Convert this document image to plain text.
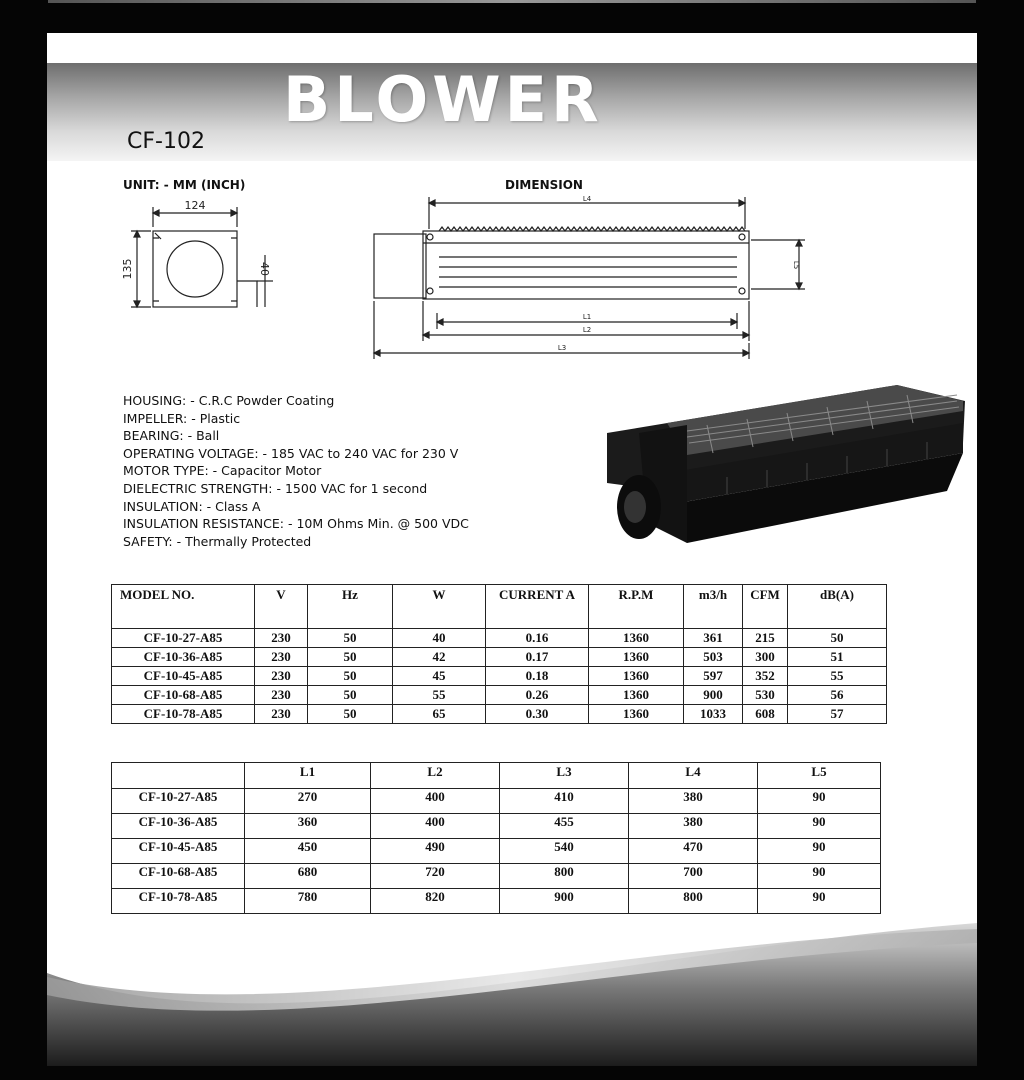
BLOWER
CF-102
UNIT: - MM (INCH)	DIMENSION
124
135	40
L4
L5
L1
L2
L3
HOUSING: - C.R.C Powder Coating
IMPELLER: - Plastic
BEARING: - Ball
OPERATING VOLTAGE: - 185 VAC to 240 VAC for 230 V
MOTOR TYPE: - Capacitor Motor
DIELECTRIC STRENGTH: - 1500 VAC for 1 second
INSULATION: - Class A
INSULATION RESISTANCE: - 10M Ohms Min. @ 500 VDC
SAFETY: - Thermally Protected
MODEL NO.	V	Hz	W	CURRENT A	R.P.M	m3/h	CFM	dB(A)
CF-10-27-A85	230	50	40	0.16	1360	361	215	50
CF-10-36-A85	230	50	42	0.17	1360	503	300	51
CF-10-45-A85	230	50	45	0.18	1360	597	352	55
CF-10-68-A85	230	50	55	0.26	1360	900	530	56
CF-10-78-A85	230	50	65	0.30	1360	1033	608	57
	L1	L2	L3	L4	L5
CF-10-27-A85	270	400	410	380	90
CF-10-36-A85	360	400	455	380	90
CF-10-45-A85	450	490	540	470	90
CF-10-68-A85	680	720	800	700	90
CF-10-78-A85	780	820	900	800	90
